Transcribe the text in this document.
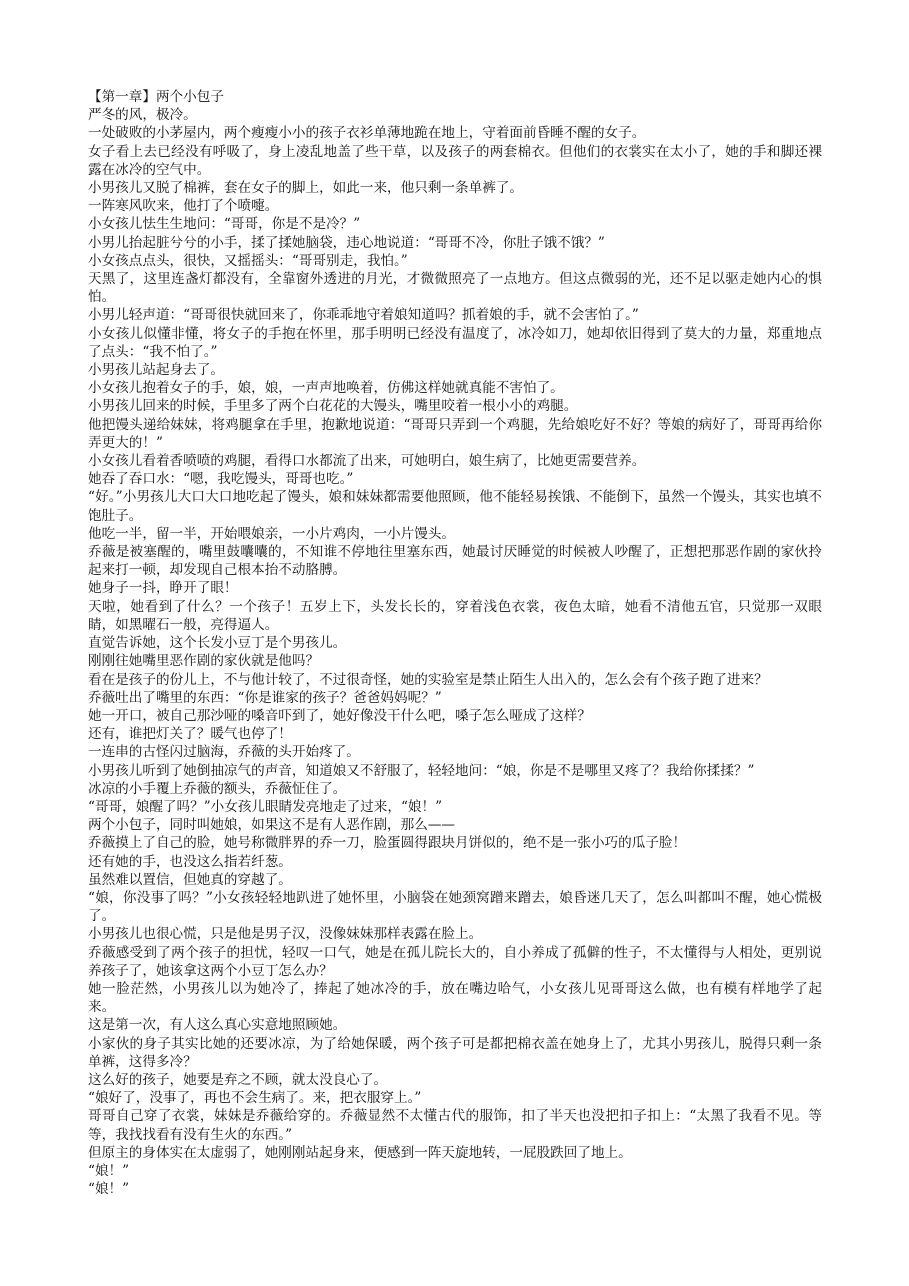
【第一章】两个小包子

严冬的风，极冷。

一处破败的小茅屋内，两个瘦瘦小小的孩子衣衫单薄地跪在地上，守着面前昏睡不醒的女子。

女子看上去已经没有呼吸了，身上凌乱地盖了些干草，以及孩子的两套棉衣。但他们的衣裳实在太小了，她的手和脚还裸露在冰冷的空气中。

小男孩儿又脱了棉裤，套在女子的脚上，如此一来，他只剩一条单裤了。

一阵寒风吹来，他打了个喷嚏。

小女孩儿怯生生地问：“哥哥，你是不是冷？”

小男儿抬起脏兮兮的小手，揉了揉她脑袋，违心地说道：“哥哥不冷，你肚子饿不饿？”

小女孩点点头，很快，又摇摇头：“哥哥别走，我怕。”

天黑了，这里连盏灯都没有，全靠窗外透进的月光，才微微照亮了一点地方。但这点微弱的光，还不足以驱走她内心的惧怕。

小男儿轻声道：“哥哥很快就回来了，你乖乖地守着娘知道吗？抓着娘的手，就不会害怕了。”

小女孩儿似懂非懂，将女子的手抱在怀里，那手明明已经没有温度了，冰冷如刀，她却依旧得到了莫大的力量，郑重地点了点头：“我不怕了。”

小男孩儿站起身去了。

小女孩儿抱着女子的手，娘，娘，一声声地唤着，仿佛这样她就真能不害怕了。

小男孩儿回来的时候，手里多了两个白花花的大馒头，嘴里咬着一根小小的鸡腿。

他把馒头递给妹妹，将鸡腿拿在手里，抱歉地说道：“哥哥只弄到一个鸡腿，先给娘吃好不好？等娘的病好了，哥哥再给你弄更大的！”

小女孩儿看着香喷喷的鸡腿，看得口水都流了出来，可她明白，娘生病了，比她更需要营养。

她吞了吞口水：“嗯，我吃馒头，哥哥也吃。”

“好。”小男孩儿大口大口地吃起了馒头，娘和妹妹都需要他照顾，他不能轻易挨饿、不能倒下，虽然一个馒头，其实也填不饱肚子。

他吃一半，留一半，开始喂娘亲，一小片鸡肉，一小片馒头。

乔薇是被塞醒的，嘴里鼓囔囔的，不知谁不停地往里塞东西，她最讨厌睡觉的时候被人吵醒了，正想把那恶作剧的家伙拎起来打一顿，却发现自己根本抬不动胳膊。

她身子一抖，睁开了眼！

天啦，她看到了什么？一个孩子！五岁上下，头发长长的，穿着浅色衣裳，夜色太暗，她看不清他五官，只觉那一双眼睛，如黑曜石一般，亮得逼人。

直觉告诉她，这个长发小豆丁是个男孩儿。

刚刚往她嘴里恶作剧的家伙就是他吗？

看在是孩子的份儿上，不与他计较了，不过很奇怪，她的实验室是禁止陌生人出入的，怎么会有个孩子跑了进来？

乔薇吐出了嘴里的东西：“你是谁家的孩子？爸爸妈妈呢？”

她一开口，被自己那沙哑的嗓音吓到了，她好像没干什么吧，嗓子怎么哑成了这样？

还有，谁把灯关了？暖气也停了！

一连串的古怪闪过脑海，乔薇的头开始疼了。

小男孩儿听到了她倒抽凉气的声音，知道娘又不舒服了，轻轻地问：“娘，你是不是哪里又疼了？我给你揉揉？”

冰凉的小手覆上乔薇的额头，乔薇怔住了。

“哥哥，娘醒了吗？”小女孩儿眼睛发亮地走了过来，“娘！”

两个小包子，同时叫她娘，如果这不是有人恶作剧，那么——

乔薇摸上了自己的脸，她号称微胖界的乔一刀，脸蛋圆得跟块月饼似的，绝不是一张小巧的瓜子脸！

还有她的手，也没这么指若纤葱。

虽然难以置信，但她真的穿越了。

“娘，你没事了吗？”小女孩轻轻地趴进了她怀里，小脑袋在她颈窝蹭来蹭去，娘昏迷几天了，怎么叫都叫不醒，她心慌极了。

小男孩儿也很心慌，只是他是男子汉，没像妹妹那样表露在脸上。

乔薇感受到了两个孩子的担忧，轻叹一口气，她是在孤儿院长大的，自小养成了孤僻的性子，不太懂得与人相处，更别说养孩子了，她该拿这两个小豆丁怎么办？

她一脸茫然，小男孩儿以为她冷了，捧起了她冰冷的手，放在嘴边哈气，小女孩儿见哥哥这么做，也有模有样地学了起来。

这是第一次，有人这么真心实意地照顾她。

小家伙的身子其实比她的还要冰凉，为了给她保暖，两个孩子可是都把棉衣盖在她身上了，尤其小男孩儿，脱得只剩一条单裤，这得多冷？

这么好的孩子，她要是弃之不顾，就太没良心了。

“娘好了，没事了，再也不会生病了。来，把衣服穿上。”

哥哥自己穿了衣裳，妹妹是乔薇给穿的。乔薇显然不太懂古代的服饰，扣了半天也没把扣子扣上：“太黑了我看不见。等等，我找找看有没有生火的东西。”

但原主的身体实在太虚弱了，她刚刚站起身来，便感到一阵天旋地转，一屁股跌回了地上。

“娘！”

“娘！”
